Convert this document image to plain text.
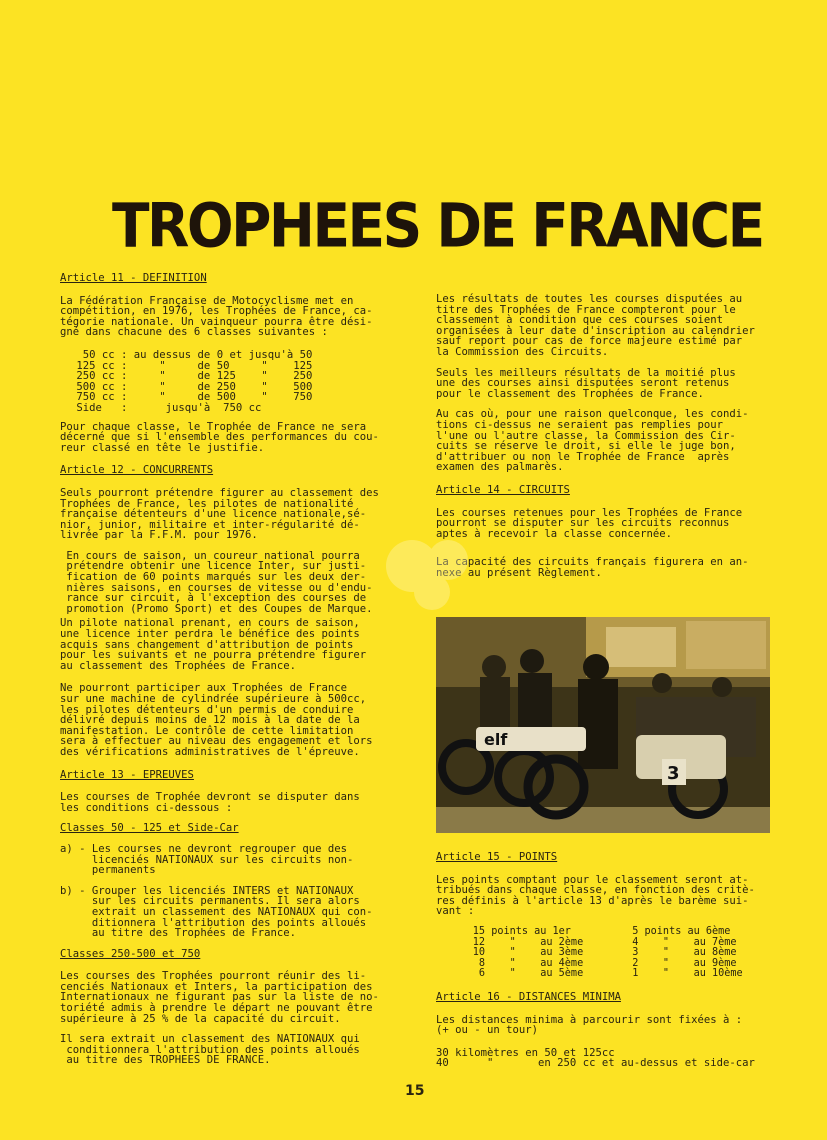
TROPHEES DE FRANCE
Article 11 - DEFINITION
La Fédération Française de Motocyclisme met en
compétition, en 1976, les Trophées de France, ca-
tégorie nationale. Un vainqueur pourra être dési-
gné dans chacune des 6 classes suivantes :
50 cc : au dessus de 0 et jusqu'à 50
125 cc :     "     de 50     "    125
250 cc :     "     de 125    "    250
500 cc :     "     de 250    "    500
750 cc :     "     de 500    "    750
Side   :      jusqu'à  750 cc
Pour chaque classe, le Trophée de France ne sera
décerné que si l'ensemble des performances du cou-
reur classé en tête le justifie.
Article 12 - CONCURRENTS
Seuls pourront prétendre figurer au classement des
Trophées de France, les pilotes de nationalité
française détenteurs d'une licence nationale,sé-
nior, junior, militaire et inter-régularité dé-
livrée par la F.F.M. pour 1976.
En cours de saison, un coureur national pourra
prétendre obtenir une licence Inter, sur justi-
fication de 60 points marqués sur les deux der-
nières saisons, en courses de vitesse ou d'endu-
rance sur circuit, à l'exception des courses de
promotion (Promo Sport) et des Coupes de Marque.
Un pilote national prenant, en cours de saison,
une licence inter perdra le bénéfice des points
acquis sans changement d'attribution de points
pour les suivants et ne pourra prétendre figurer
au classement des Trophées de France.
Ne pourront participer aux Trophées de France
sur une machine de cylindrée supérieure à 500cc,
les pilotes détenteurs d'un permis de conduire
délivré depuis moins de 12 mois à la date de la
manifestation. Le contrôle de cette limitation
sera à effectuer au niveau des engagement et lors
des vérifications administratives de l'épreuve.
Article 13 - EPREUVES
Les courses de Trophée devront se disputer dans
les conditions ci-dessous :
Classes 50 - 125 et Side-Car
a) - Les courses ne devront regrouper que des
licenciés NATIONAUX sur les circuits non-
permanents
b) - Grouper les licenciés INTERS et NATIONAUX
sur les circuits permanents. Il sera alors
extrait un classement des NATIONAUX qui con-
ditionnera l'attribution des points alloués
au titre des Trophées de France.
Classes 250-500 et 750
Les courses des Trophées pourront réunir des li-
cenciés Nationaux et Inters, la participation des
Internationaux ne figurant pas sur la liste de no-
toriété admis à prendre le départ ne pouvant être
supérieure à 25 % de la capacité du circuit.
Il sera extrait un classement des NATIONAUX qui
conditionnera l'attribution des points alloués
au titre des TROPHEES DE FRANCE.
Les résultats de toutes les courses disputées au
titre des Trophées de France compteront pour le
classement à condition que ces courses soient
organisées à leur date d'inscription au calendrier
sauf report pour cas de force majeure estimé par
la Commission des Circuits.
Seuls les meilleurs résultats de la moitié plus
une des courses ainsi disputées seront retenus
pour le classement des Trophées de France.
Au cas où, pour une raison quelconque, les condi-
tions ci-dessus ne seraient pas remplies pour
l'une ou l'autre classe, la Commission des Cir-
cuits se réserve le droit, si elle le juge bon,
d'attribuer ou non le Trophée de France  après
examen des palmarès.
Article 14 - CIRCUITS
Les courses retenues pour les Trophées de France
pourront se disputer sur les circuits reconnus
aptes à recevoir la classe concernée.
capacité des circuits français figurera en an-
au présent Règlement.
elf
3
Article 15 - POINTS
Les points comptant pour le classement seront at-
tribués dans chaque classe, en fonction des critè-
res définis à l'article 13 d'après le barème sui-
vant :
15 points au 1er          5 points au 6ème
12    "    au 2ème        4    "    au 7ème
10    "    au 3ème        3    "    au 8ème
8    "    au 4ème        2    "    au 9ème
6    "    au 5ème        1    "    au 10ème
Article 16 - DISTANCES MINIMA
Les distances minima à parcourir sont fixées à :
(+ ou - un tour)
30 kilomètres en 50 et 125cc
40      "       en 250 cc et au-dessus et side-car
15
